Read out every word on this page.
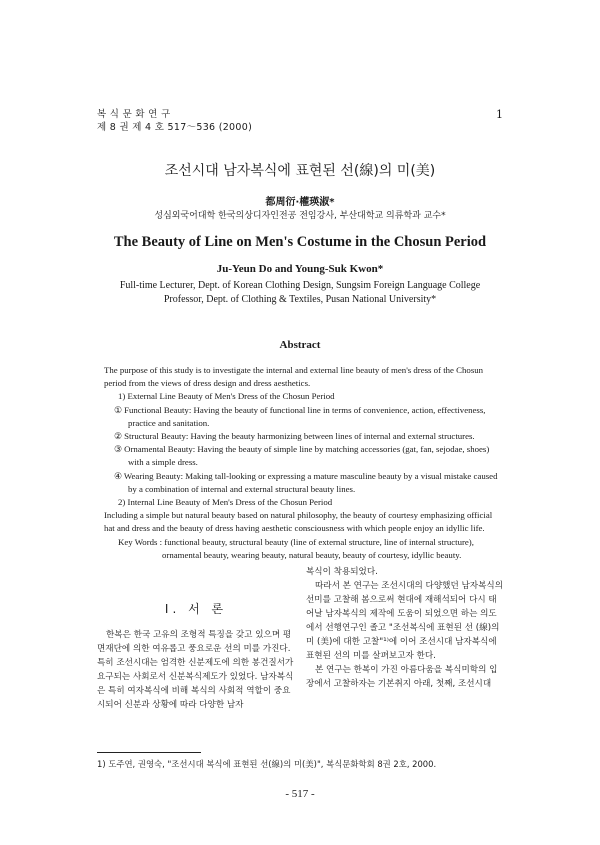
복 식 문 화 연 구
제 8 권 제 4 호 517～536 (2000)
1
조선시대 남자복식에 표현된 선(線)의 미(美)
都周衍·權瑛淑*
성심외국어대학 한국의상디자인전공 전임강사, 부산대학교 의류학과 교수*
The Beauty of Line on Men's Costume in the Chosun Period
Ju-Yeun Do and Young-Suk Kwon*
Full-time Lecturer, Dept. of Korean Clothing Design, Sungsim Foreign Language College
Professor, Dept. of Clothing & Textiles, Pusan National University*
Abstract

The purpose of this study is to investigate the internal and external line beauty of men's dress of the Chosun period from the views of dress design and dress aesthetics.

1) External Line Beauty of Men's Dress of the Chosun Period

① Functional Beauty: Having the beauty of functional line in terms of convenience, action, effectiveness, practice and sanitation.

② Structural Beauty: Having the beauty harmonizing between lines of internal and external structures.

③ Ornamental Beauty: Having the beauty of simple line by matching accessories (gat, fan, sejodae, shoes) with a simple dress.

④ Wearing Beauty: Making tall-looking or expressing a mature masculine beauty by a visual mistake caused by a combination of internal and external structural beauty lines.

2) Internal Line Beauty of Men's Dress of the Chosun Period

Including a simple but natural beauty based on natural philosophy, the beauty of courtesy emphasizing official hat and dress and the beauty of dress having aesthetic consciousness with which people enjoy an idyllic life.

Key Words : functional beauty, structural beauty (line of external structure, line of internal structure),

ornamental beauty, wearing beauty, natural beauty, beauty of courtesy, idyllic beauty.

Ⅰ. 서 론

한복은 한국 고유의 조형적 특징을 갖고 있으며 평면재단에 의한 여유롭고 풍요로운 선의 미를 가진다. 특히 조선시대는 엄격한 신분제도에 의한 봉건질서가 요구되는 사회로서 신분복식제도가 있었다. 남자복식은 특히 여자복식에 비해 복식의 사회적 역할이 중요시되어 신분과 상황에 따라 다양한 남자

복식이 착용되었다.

따라서 본 연구는 조선시대의 다양했던 남자복식의 선미를 고찰해 봄으로써 현대에 재해석되어 다시 태어날 남자복식의 제작에 도움이 되었으면 하는 의도에서 선행연구인 졸고 "조선복식에 표현된 선 (線)의 미 (美)에 대한 고찰"¹⁾에 이어 조선시대 남자복식에 표현된 선의 미를 살펴보고자 한다.

본 연구는 한복이 가진 아름다움을 복식미학의 입장에서 고찰하자는 기본취지 아래, 첫째, 조선시대

1) 도주연, 권영숙, "조선시대 복식에 표현된 선(線)의 미(美)", 복식문화학회 8권 2호, 2000.
- 517 -
